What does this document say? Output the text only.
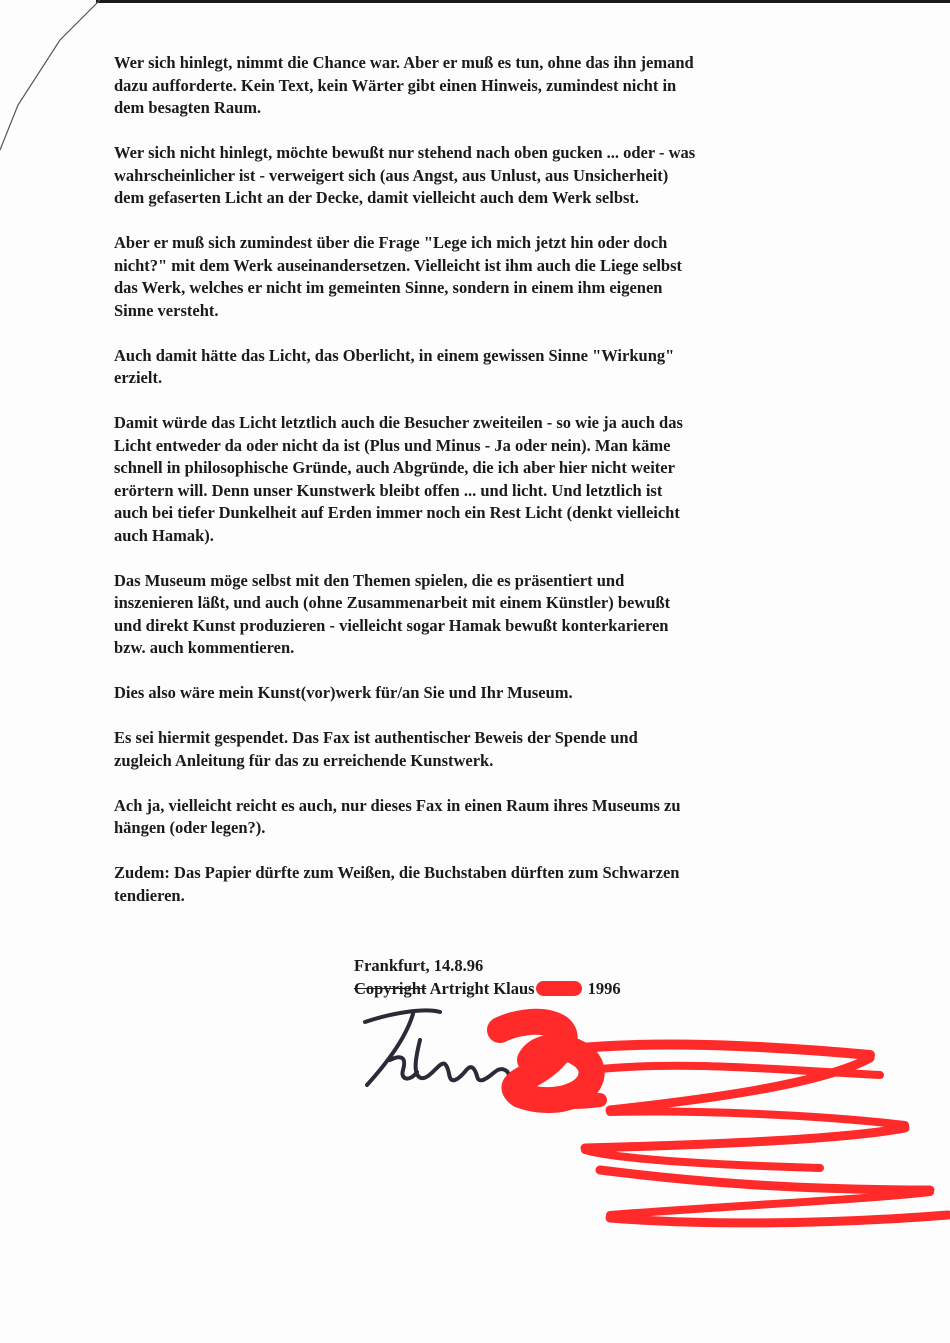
Wer sich hinlegt, nimmt die Chance war. Aber er muß es tun, ohne das ihn jemand
dazu aufforderte. Kein Text, kein Wärter gibt einen Hinweis, zumindest nicht in
dem besagten Raum.

Wer sich nicht hinlegt, möchte bewußt nur stehend nach oben gucken ... oder - was
wahrscheinlicher ist - verweigert sich (aus Angst, aus Unlust, aus Unsicherheit)
dem gefaserten Licht an der Decke, damit vielleicht auch dem Werk selbst.

Aber er muß sich zumindest über die Frage "Lege ich mich jetzt hin oder doch
nicht?" mit dem Werk auseinandersetzen. Vielleicht ist ihm auch die Liege selbst
das Werk, welches er nicht im gemeinten Sinne, sondern in einem ihm eigenen
Sinne versteht.

Auch damit hätte das Licht, das Oberlicht, in einem gewissen Sinne "Wirkung"
erzielt.

Damit würde das Licht letztlich auch die Besucher zweiteilen - so wie ja auch das
Licht entweder da oder nicht da ist (Plus und Minus - Ja oder nein). Man käme
schnell in philosophische Gründe, auch Abgründe, die ich aber hier nicht weiter
erörtern will. Denn unser Kunstwerk bleibt offen ... und licht. Und letztlich ist
auch bei tiefer Dunkelheit auf Erden immer noch ein Rest Licht (denkt vielleicht
auch Hamak).

Das Museum möge selbst mit den Themen spielen, die es präsentiert und
inszenieren läßt, und auch (ohne Zusammenarbeit mit einem Künstler) bewußt
und direkt Kunst produzieren - vielleicht sogar Hamak bewußt konterkarieren
bzw. auch kommentieren.

Dies also wäre mein Kunst(vor)werk für/an Sie und Ihr Museum.

Es sei hiermit gespendet. Das Fax ist authentischer Beweis der Spende und
zugleich Anleitung für das zu erreichende Kunstwerk.

Ach ja, vielleicht reicht es auch, nur dieses Fax in einen Raum ihres Museums zu
hängen (oder legen?).

Zudem: Das Papier dürfte zum Weißen, die Buchstaben dürften zum Schwarzen
tendieren.

Frankfurt, 14.8.96
Copyright Artright Klaus	1996
